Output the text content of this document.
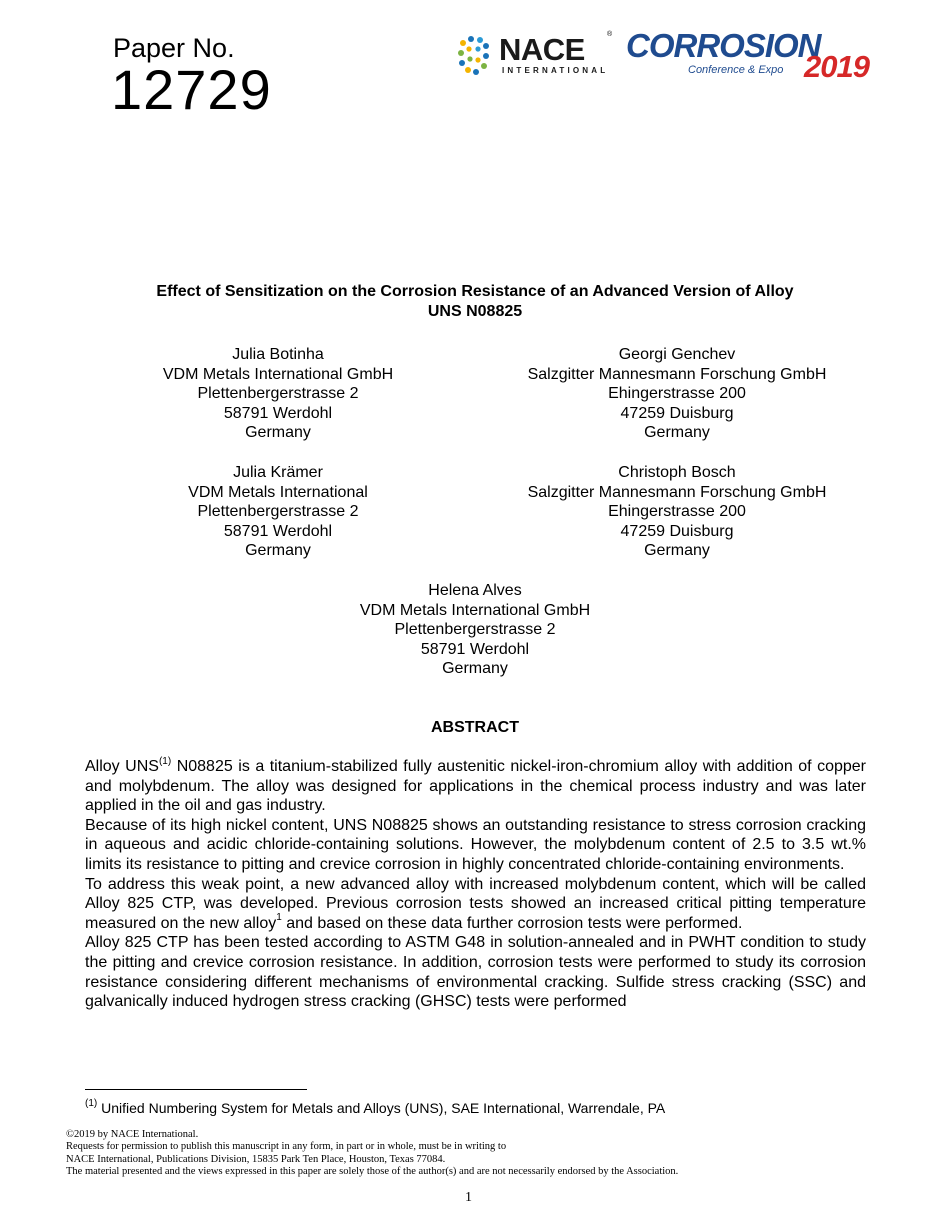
Paper No.
12729
NACE	®
INTERNATIONAL
CORROSION
Conference & Expo 2019
Effect of Sensitization on the Corrosion Resistance of an Advanced Version of Alloy
UNS N08825
Julia Botinha
VDM Metals International GmbH
Plettenbergerstrasse 2
58791 Werdohl
Germany
Georgi Genchev
Salzgitter Mannesmann Forschung GmbH
Ehingerstrasse 200
47259 Duisburg
Germany
Julia Krämer
VDM Metals International
Plettenbergerstrasse 2
58791 Werdohl
Germany
Christoph Bosch
Salzgitter Mannesmann Forschung GmbH
Ehingerstrasse 200
47259 Duisburg
Germany
Helena Alves
VDM Metals International GmbH
Plettenbergerstrasse 2
58791 Werdohl
Germany
ABSTRACT

Alloy UNS$^{(1)}$ N08825 is a titanium-stabilized fully austenitic nickel-iron-chromium alloy with addition of copper and molybdenum. The alloy was designed for applications in the chemical process industry and was later applied in the oil and gas industry.

Because of its high nickel content, UNS N08825 shows an outstanding resistance to stress corrosion cracking in aqueous and acidic chloride-containing solutions. However, the molybdenum content of 2.5 to 3.5 wt.% limits its resistance to pitting and crevice corrosion in highly concentrated chloride-containing environments.

To address this weak point, a new advanced alloy with increased molybdenum content, which will be called Alloy 825 CTP, was developed. Previous corrosion tests showed an increased critical pitting temperature measured on the new alloy$^1$ and based on these data further corrosion tests were performed.

Alloy 825 CTP has been tested according to ASTM G48 in solution-annealed and in PWHT condition to study the pitting and crevice corrosion resistance. In addition, corrosion tests were performed to study its corrosion resistance considering different mechanisms of environmental cracking. Sulfide stress cracking (SSC) and galvanically induced hydrogen stress cracking (GHSC) tests were performed

$^{(1)}$ Unified Numbering System for Metals and Alloys (UNS), SAE International, Warrendale, PA
©2019 by NACE International.
Requests for permission to publish this manuscript in any form, in part or in whole, must be in writing to
NACE International, Publications Division, 15835 Park Ten Place, Houston, Texas 77084.
The material presented and the views expressed in this paper are solely those of the author(s) and are not necessarily endorsed by the Association.
1
